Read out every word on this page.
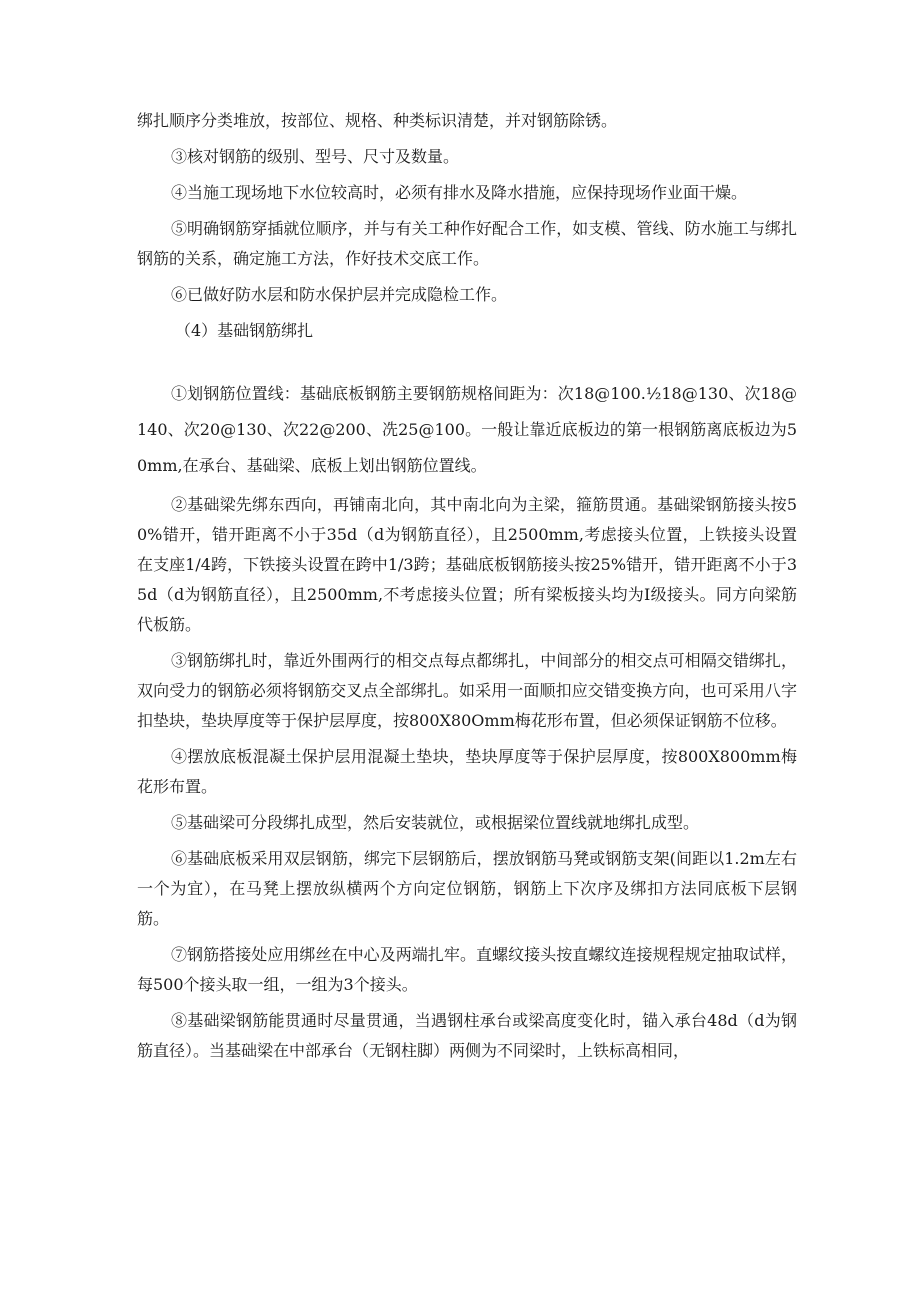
绑扎顺序分类堆放，按部位、规格、种类标识清楚，并对钢筋除锈。

③核对钢筋的级别、型号、尺寸及数量。

④当施工现场地下水位较高时，必须有排水及降水措施，应保持现场作业面干燥。

⑤明确钢筋穿插就位顺序，并与有关工种作好配合工作，如支模、管线、防水施工与绑扎钢筋的关系，确定施工方法，作好技术交底工作。

⑥已做好防水层和防水保护层并完成隐检工作。

（4）基础钢筋绑扎

①划钢筋位置线：基础底板钢筋主要钢筋规格间距为：次18@100.½18@130、次18@140、次20@130、次22@200、冼25@100。一般让靠近底板边的第一根钢筋离底板边为50mm,在承台、基础梁、底板上划出钢筋位置线。

②基础梁先绑东西向，再铺南北向，其中南北向为主梁，箍筋贯通。基础梁钢筋接头按50%错开，错开距离不小于35d（d为钢筋直径），且2500mm,考虑接头位置，上铁接头设置在支座1/4跨，下铁接头设置在跨中1/3跨；基础底板钢筋接头按25%错开，错开距离不小于35d（d为钢筋直径），且2500mm,不考虑接头位置；所有梁板接头均为I级接头。同方向梁筋代板筋。

③钢筋绑扎时，靠近外围两行的相交点每点都绑扎，中间部分的相交点可相隔交错绑扎，双向受力的钢筋必须将钢筋交叉点全部绑扎。如采用一面顺扣应交错变换方向，也可采用八字扣垫块，垫块厚度等于保护层厚度，按800X80Omm梅花形布置，但必须保证钢筋不位移。

④摆放底板混凝土保护层用混凝土垫块，垫块厚度等于保护层厚度，按800X800mm梅花形布置。

⑤基础梁可分段绑扎成型，然后安装就位，或根据梁位置线就地绑扎成型。

⑥基础底板采用双层钢筋，绑完下层钢筋后，摆放钢筋马凳或钢筋支架(间距以1.2m左右一个为宜），在马凳上摆放纵横两个方向定位钢筋，钢筋上下次序及绑扣方法同底板下层钢筋。

⑦钢筋搭接处应用绑丝在中心及两端扎牢。直螺纹接头按直螺纹连接规程规定抽取试样，每500个接头取一组，一组为3个接头。

⑧基础梁钢筋能贯通时尽量贯通，当遇钢柱承台或梁高度变化时，锚入承台48d（d为钢筋直径）。当基础梁在中部承台（无钢柱脚）两侧为不同梁时，上铁标高相同，
